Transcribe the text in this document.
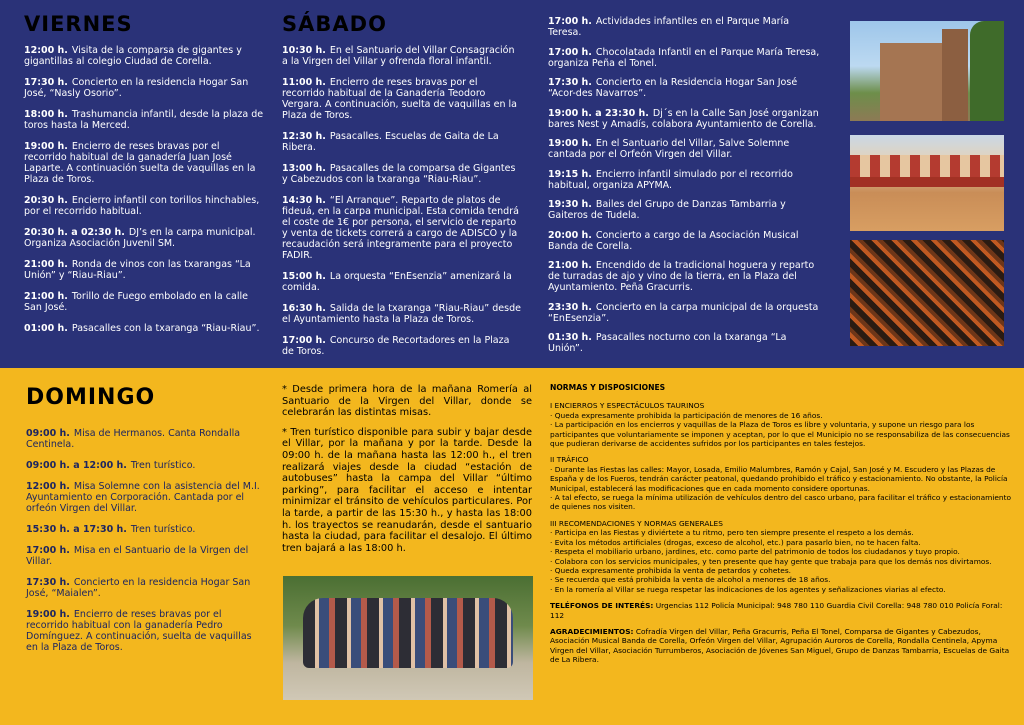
VIERNES
12:00 h. Visita de la comparsa de gigantes y gigantillas al colegio Ciudad de Corella.
17:30 h. Concierto en la residencia Hogar San José, “Nasly Osorio”.
18:00 h. Trashumancia infantil, desde la plaza de toros hasta la Merced.
19:00 h. Encierro de reses bravas por el recorrido habitual de la ganadería Juan José Laparte. A continuación suelta de vaquillas en la Plaza de Toros.
20:30 h. Encierro infantil con torillos hinchables, por el recorrido habitual.
20:30 h. a 02:30 h. DJ’s en la carpa municipal. Organiza Asociación Juvenil SM.
21:00 h. Ronda de vinos con las txarangas “La Unión” y “Riau-Riau”.
21:00 h. Torillo de Fuego embolado en la calle San José.
01:00 h. Pasacalles con la txaranga “Riau-Riau”.
SÁBADO
10:30 h. En el Santuario del Villar Consagración a la Virgen del Villar y ofrenda floral infantil.
11:00 h. Encierro de reses bravas por el recorrido habitual de la Ganadería Teodoro Vergara. A continuación, suelta de vaquillas en la Plaza de Toros.
12:30 h. Pasacalles. Escuelas de Gaita de La Ribera.
13:00 h. Pasacalles de la comparsa de Gigantes y Cabezudos con la txaranga “Riau-Riau”.
14:30 h. “El Arranque”. Reparto de platos de fideuá, en la carpa municipal. Esta comida tendrá el coste de 1€ por persona, el servicio de reparto y venta de tickets correrá a cargo de ADISCO y la recaudación será integramente para el proyecto FADIR.
15:00 h. La orquesta “EnEsenzia” amenizará la comida.
16:30 h. Salida de la txaranga “Riau-Riau” desde el Ayuntamiento hasta la Plaza de Toros.
17:00 h. Concurso de Recortadores en la Plaza de Toros.
17:00 h. Actividades infantiles en el Parque María Teresa.
17:00 h. Chocolatada Infantil en el Parque María Teresa, organiza Peña el Tonel.
17:30 h. Concierto en la Residencia Hogar San José “Acor-des Navarros”.
19:00 h. a 23:30 h. Dj´s en la Calle San José organizan bares Nest y Amadís, colabora Ayuntamiento de Corella.
19:00 h. En el Santuario del Villar, Salve Solemne cantada por el Orfeón Virgen del Villar.
19:15 h. Encierro infantil simulado por el recorrido habitual, organiza APYMA.
19:30 h. Bailes del Grupo de Danzas Tambarria y Gaiteros de Tudela.
20:00 h. Concierto a cargo de la Asociación Musical Banda de Corella.
21:00 h. Encendido de la tradicional hoguera y reparto de turradas de ajo y vino de la tierra, en la Plaza del Ayuntamiento. Peña Gracurris.
23:30 h. Concierto en la carpa municipal de la orquesta “EnEsenzia”.
01:30 h. Pasacalles nocturno con la txaranga “La Unión”.
DOMINGO
09:00 h. Misa de Hermanos. Canta Rondalla Centinela.
09:00 h. a 12:00 h. Tren turístico.
12:00 h. Misa Solemne con la asistencia del M.I. Ayuntamiento en Corporación. Cantada por el orfeón Virgen del Villar.
15:30 h. a 17:30 h. Tren turístico.
17:00 h. Misa en el Santuario de la Virgen del Villar.
17:30 h. Concierto en la residencia Hogar San José, “Maialen”.
19:00 h. Encierro de reses bravas por el recorrido habitual con la ganadería Pedro Domínguez. A continuación, suelta de vaquillas en la Plaza de Toros.

* Desde primera hora de la mañana Romería al Santuario de la Virgen del Villar, donde se celebrarán las distintas misas.

* Tren turístico disponible para subir y bajar desde el Villar, por la mañana y por la tarde. Desde la 09:00 h. de la mañana hasta las 12:00 h., el tren realizará viajes desde la ciudad “estación de autobuses” hasta la campa del Villar “último parking”, para facilitar el acceso e intentar minimizar el tránsito de vehículos particulares. Por la tarde, a partir de las 15:30 h., y hasta las 18:00 h. los trayectos se reanudarán, desde el santuario hasta la ciudad, para facilitar el desalojo. El último tren bajará a las 18:00 h.

NORMAS Y DISPOSICIONES
I ENCIERROS Y ESPECTÁCULOS TAURINOS
· Queda expresamente prohibida la participación de menores de 16 años.
· La participación en los encierros y vaquillas de la Plaza de Toros es libre y voluntaria, y supone un riesgo para los participantes que voluntariamente se imponen y aceptan, por lo que el Municipio no se responsabiliza de las consecuencias que pudieran derivarse de accidentes sufridos por los participantes en tales festejos.
II TRÁFICO
· Durante las Fiestas las calles: Mayor, Losada, Emilio Malumbres, Ramón y Cajal, San José y M. Escudero y las Plazas de España y de los Fueros, tendrán carácter peatonal, quedando prohibido el tráfico y estacionamiento. No obstante, la Policía Municipal, establecerá las modificaciones que en cada momento considere oportunas.
· A tal efecto, se ruega la mínima utilización de vehículos dentro del casco urbano, para facilitar el tráfico y estacionamiento de quienes nos visiten.
III RECOMENDACIONES Y NORMAS GENERALES
· Participa en las Fiestas y diviértete a tu ritmo, pero ten siempre presente el respeto a los demás.
· Evita los métodos artificiales (drogas, exceso de alcohol, etc.) para pasarlo bien, no te hacen falta.
· Respeta el mobiliario urbano, jardines, etc. como parte del patrimonio de todos los ciudadanos y tuyo propio.
· Colabora con los servicios municipales, y ten presente que hay gente que trabaja para que los demás nos divirtamos.
· Queda expresamente prohibida la venta de petardos y cohetes.
· Se recuerda que está prohibida la venta de alcohol a menores de 18 años.
· En la romería al Villar se ruega respetar las indicaciones de los agentes y señalizaciones viarias al efecto.
TELÉFONOS DE INTERÉS: Urgencias 112 Policía Municipal: 948 780 110 Guardia Civil Corella: 948 780 010 Policía Foral: 112
AGRADECIMIENTOS: Cofradía Virgen del Villar, Peña Gracurris, Peña El Tonel, Comparsa de Gigantes y Cabezudos, Asociación Musical Banda de Corella, Orfeón Virgen del Villar, Agrupación Auroros de Corella, Rondalla Centinela, Apyma Virgen del Villar, Asociación Turrumberos, Asociación de Jóvenes San Miguel, Grupo de Danzas Tambarria, Escuelas de Gaita de La Ribera.
